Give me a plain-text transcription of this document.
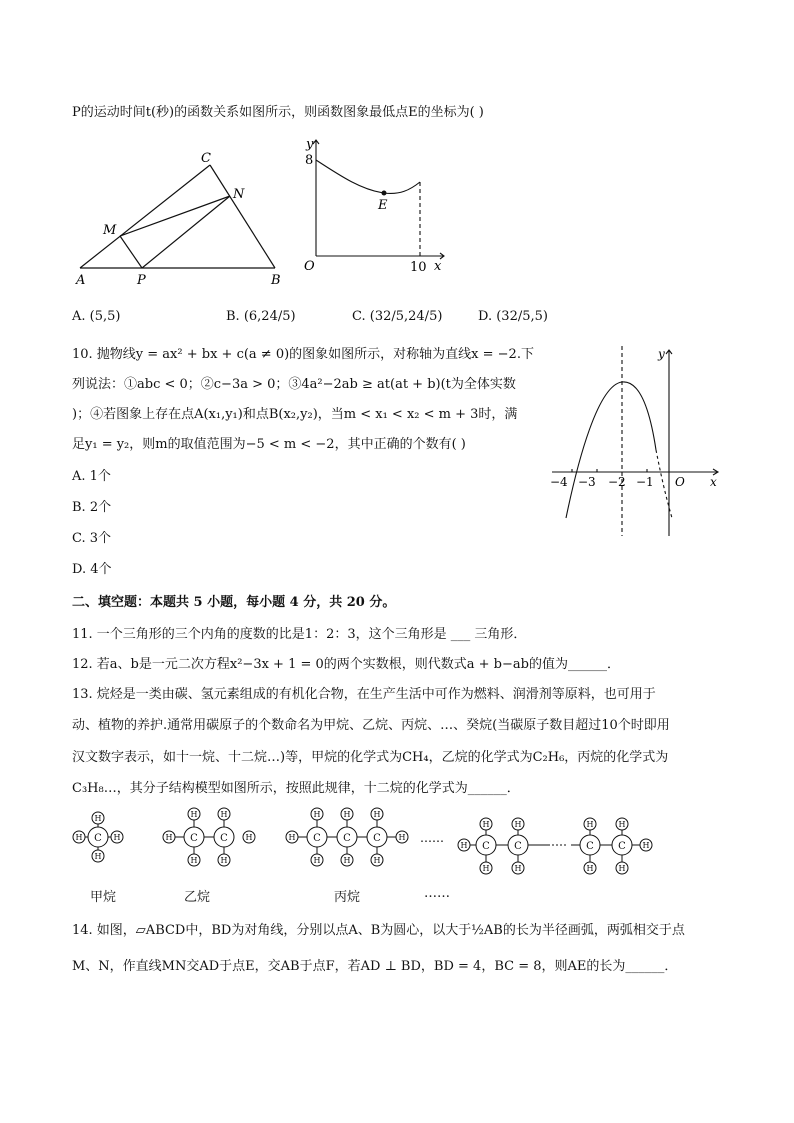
P的运动时间t(秒)的函数关系如图所示，则函数图象最低点E的坐标为( )
C
N
M
A	P	B
8
y
x
O
E
10
A. (5,5)	B. (6,24/5)	C. (32/5,24/5)	D. (32/5,5)
10. 抛物线y = ax² + bx + c(a ≠ 0)的图象如图所示，对称轴为直线x = −2.下
列说法：①abc < 0；②c−3a > 0；③4a²−2ab ≥ at(at + b)(t为全体实数
)；④若图象上存在点A(x₁,y₁)和点B(x₂,y₂)，当m < x₁ < x₂ < m + 3时，满
足y₁ = y₂，则m的取值范围为−5 < m < −2，其中正确的个数有( )
A. 1个
B. 2个
C. 3个
D. 4个
−4 −3 −2 −1 O x
y
二、填空题：本题共 5 小题，每小题 4 分，共 20 分。
11. 一个三角形的三个内角的度数的比是1：2：3，这个三角形是 ___ 三角形．
12. 若a、b是一元二次方程x²−3x + 1 = 0的两个实数根，则代数式a + b−ab的值为______．
13. 烷烃是一类由碳、氢元素组成的有机化合物，在生产生活中可作为燃料、润滑剂等原料，也可用于
动、植物的养护.通常用碳原子的个数命名为甲烷、乙烷、丙烷、…、癸烷(当碳原子数目超过10个时即用
汉文数字表示，如十一烷、十二烷…)等，甲烷的化学式为CH₄，乙烷的化学式为C₂H₆，丙烷的化学式为
C₃H₈…，其分子结构模型如图所示，按照此规律，十二烷的化学式为______．
C	C C	C C C
C C	C C
H
H
H	H	H	H
H
H
H
H
H	H
H
H
H
H
H
H
H	H
H
H
H
H
H
H
H
H
……
甲烷	乙烷	丙烷	……
14. 如图，▱ABCD中，BD为对角线，分别以点A、B为圆心，以大于½AB的长为半径画弧，两弧相交于点
M、N，作直线MN交AD于点E，交AB于点F，若AD ⊥ BD，BD = 4，BC = 8，则AE的长为______．
